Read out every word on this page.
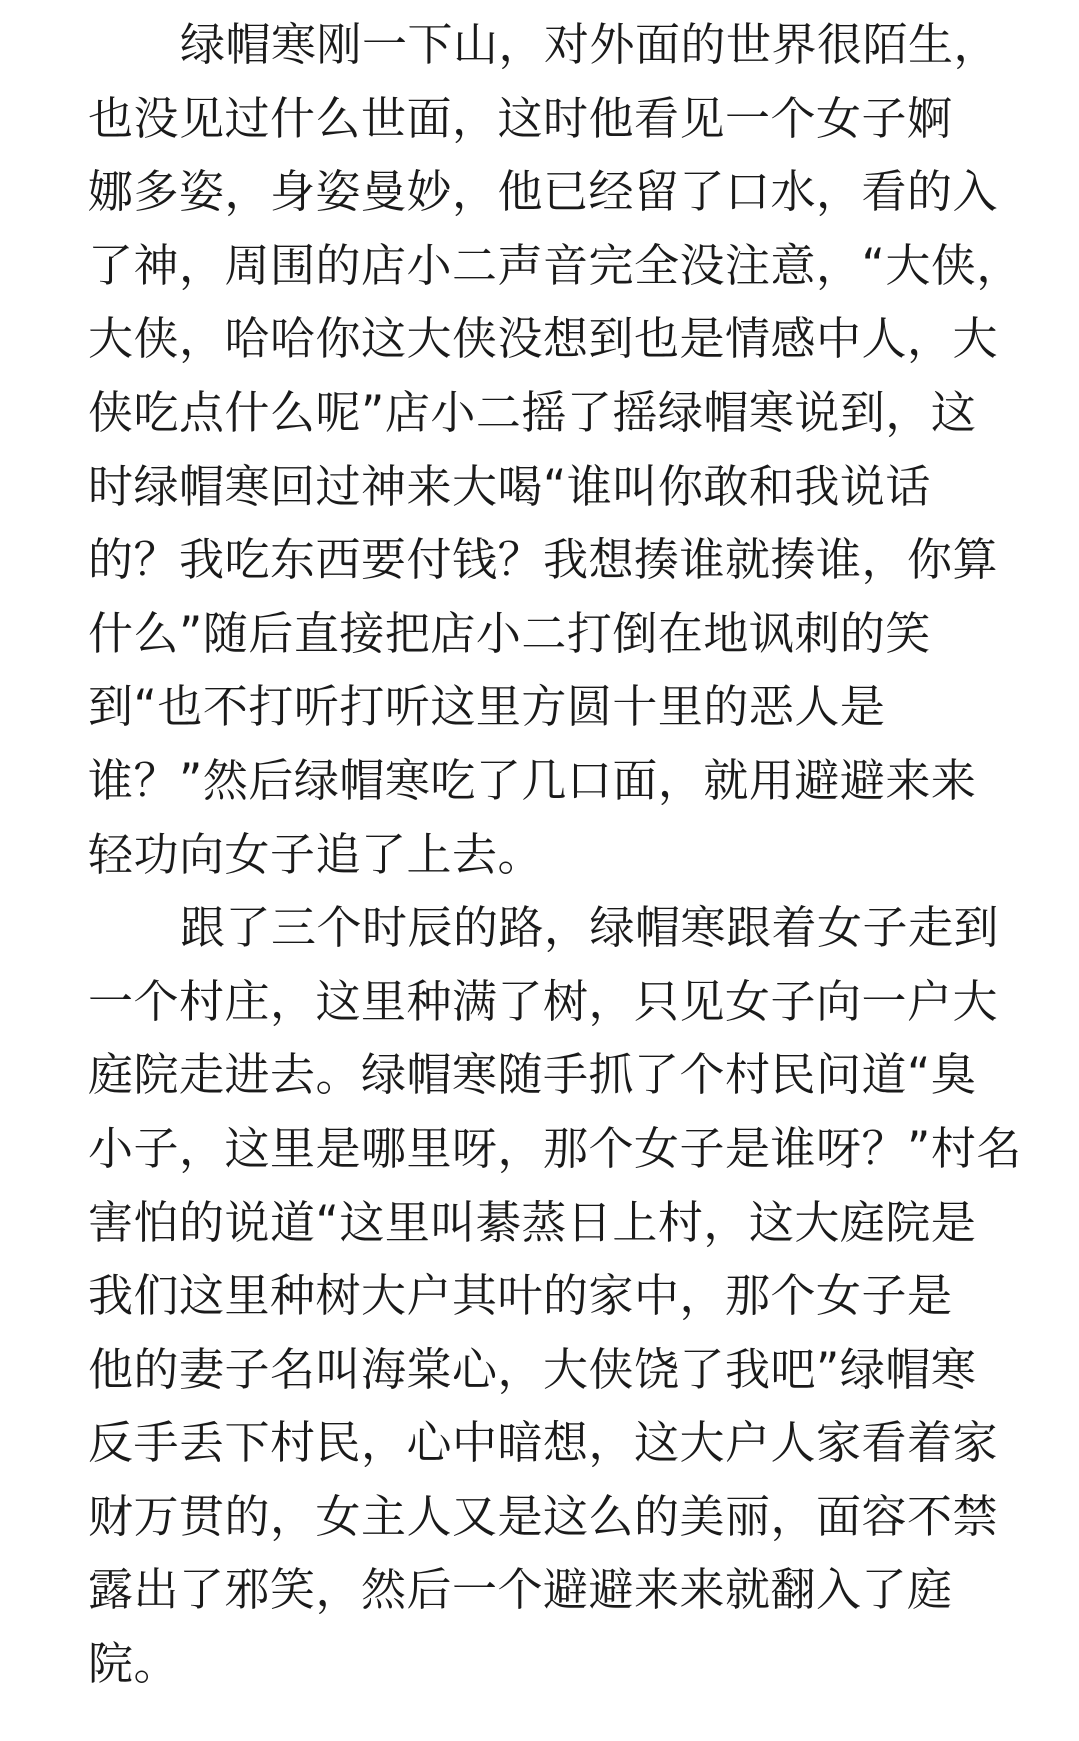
绿帽寒刚一下山，对外面的世界很陌生，
也没见过什么世面，这时他看见一个女子婀
娜多姿，身姿曼妙，他已经留了口水，看的入
了神，周围的店小二声音完全没注意，“大侠，
大侠，哈哈你这大侠没想到也是情感中人，大
侠吃点什么呢”店小二摇了摇绿帽寒说到，这
时绿帽寒回过神来大喝“谁叫你敢和我说话
的？我吃东西要付钱？我想揍谁就揍谁，你算
什么”随后直接把店小二打倒在地讽刺的笑
到“也不打听打听这里方圆十里的恶人是
谁？”然后绿帽寒吃了几口面，就用避避来来
轻功向女子追了上去。
跟了三个时辰的路，绿帽寒跟着女子走到
一个村庄，这里种满了树，只见女子向一户大
庭院走进去。绿帽寒随手抓了个村民问道“臭
小子，这里是哪里呀，那个女子是谁呀？”村名
害怕的说道“这里叫綦蒸日上村，这大庭院是
我们这里种树大户其叶的家中，那个女子是
他的妻子名叫海棠心，大侠饶了我吧”绿帽寒
反手丢下村民，心中暗想，这大户人家看着家
财万贯的，女主人又是这么的美丽，面容不禁
露出了邪笑，然后一个避避来来就翻入了庭
院。
